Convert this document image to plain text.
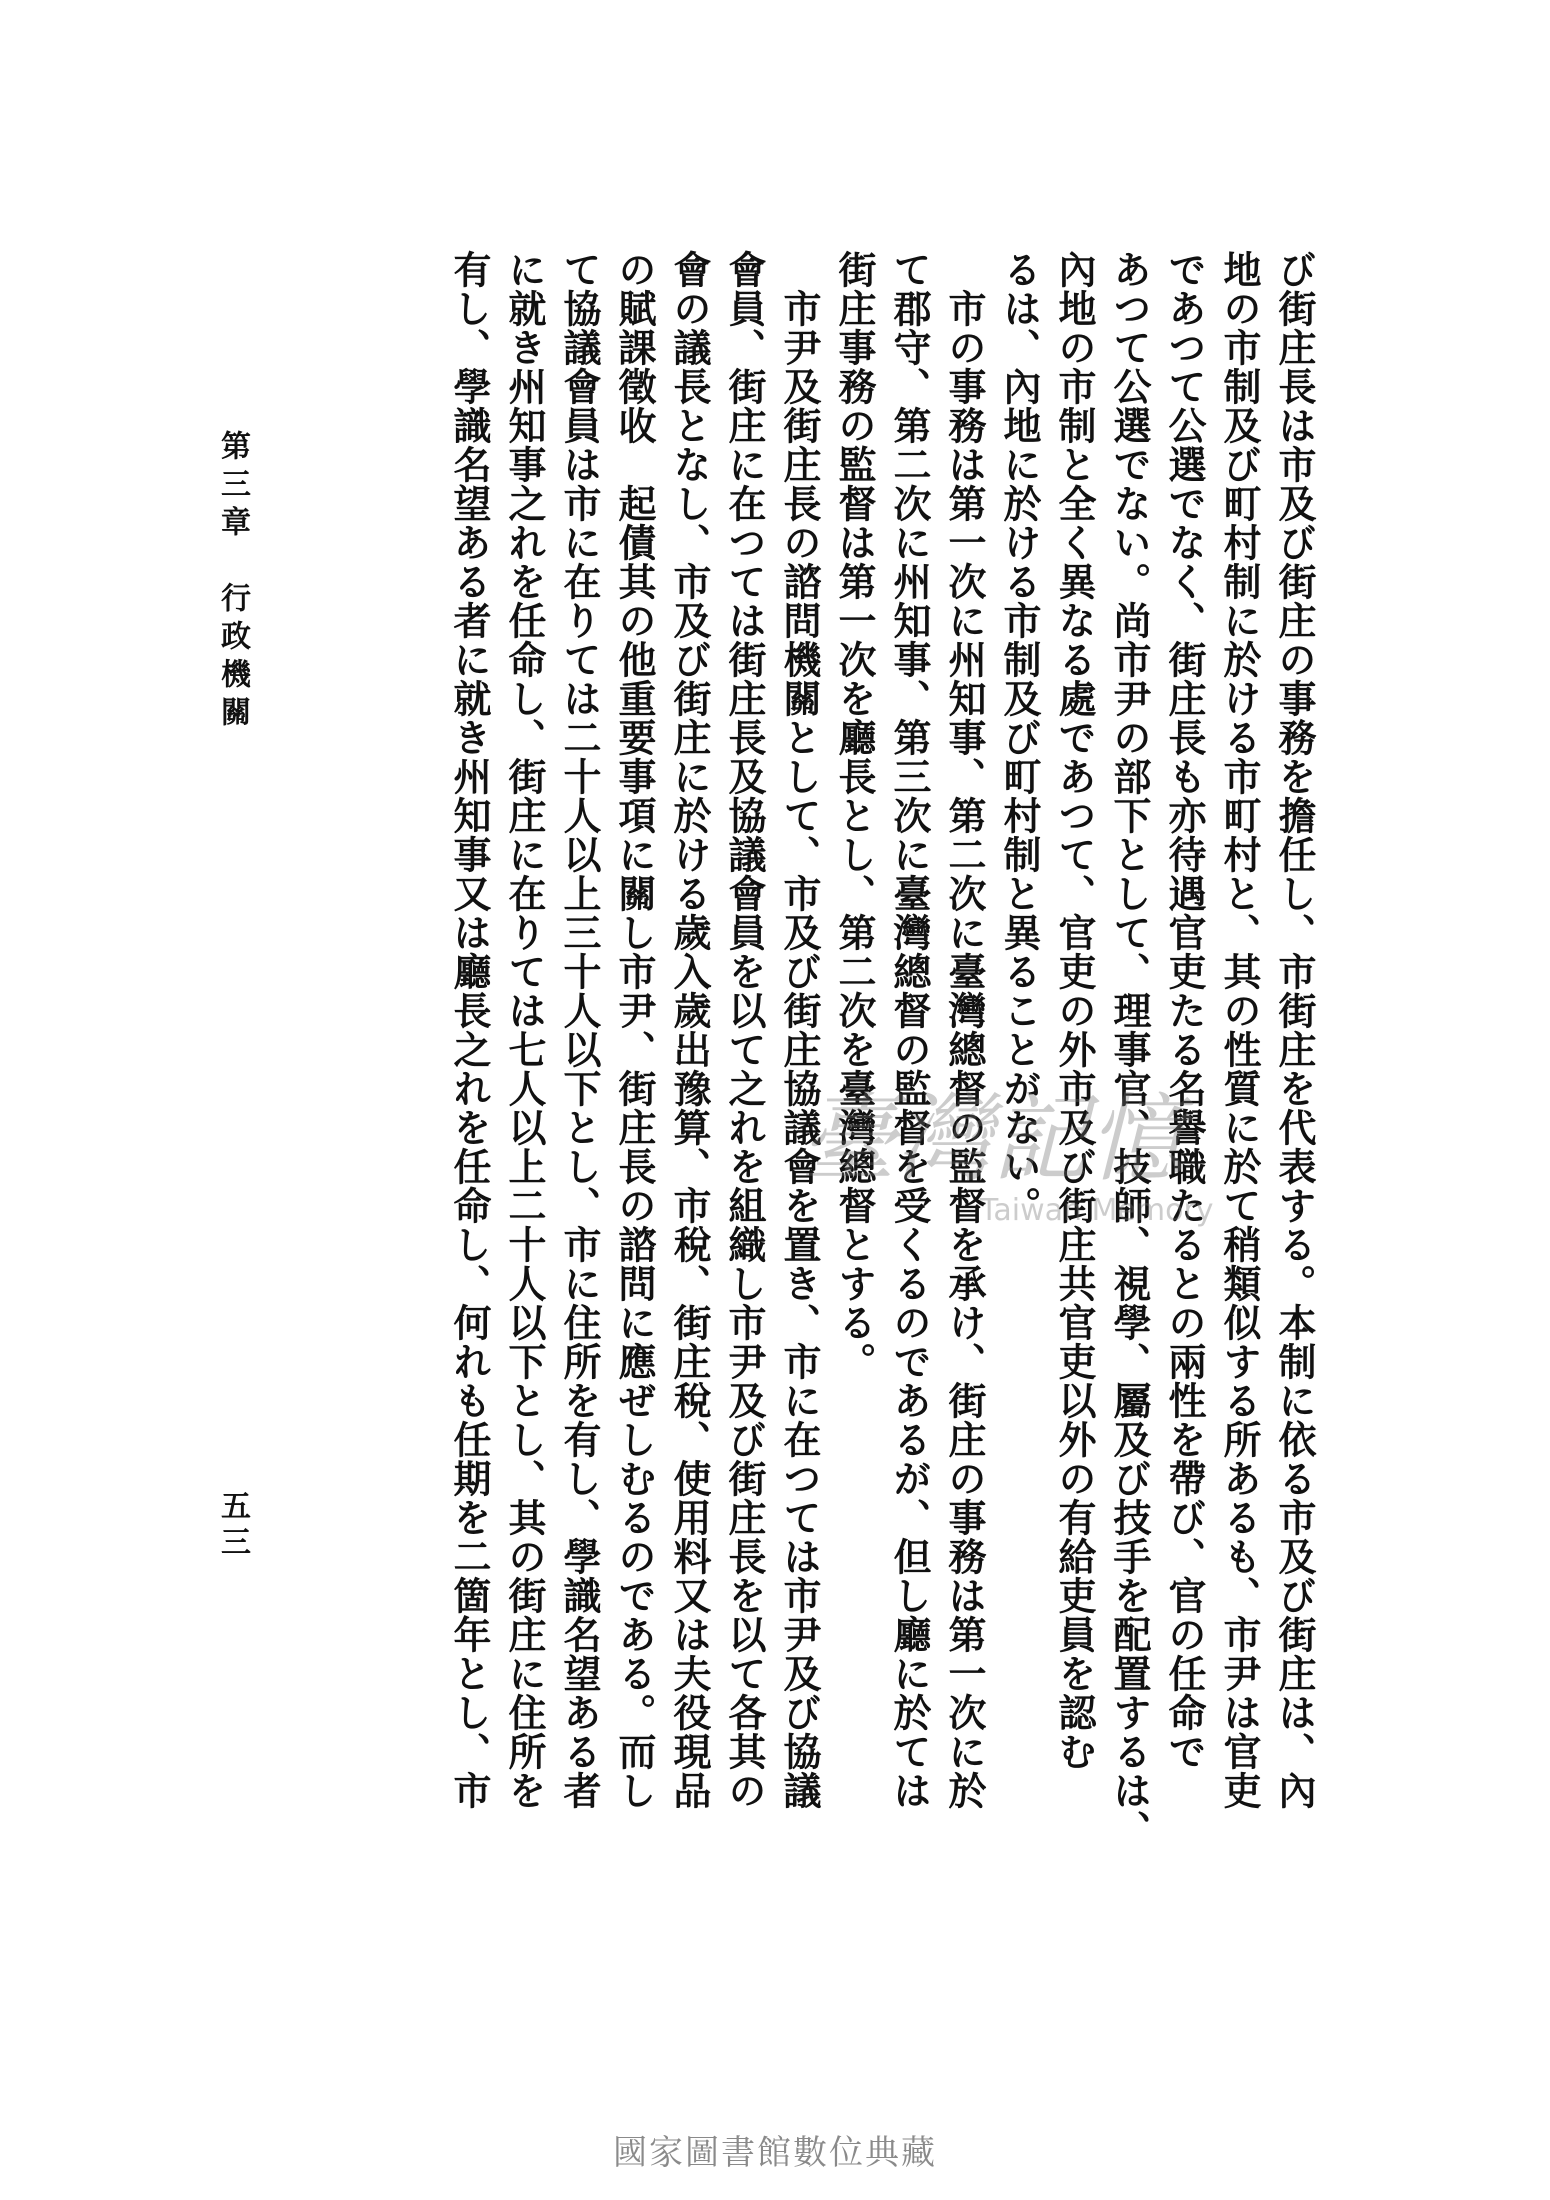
び街庄長は市及び街庄の事務を擔任し、市街庄を代表する。本制に依る市及び街庄は、內
地の市制及び町村制に於ける市町村と、其の性質に於て稍類似する所あるも、市尹は官吏
であつて公選でなく、街庄長も亦待遇官吏たる名譽職たるとの兩性を帶び、官の任命で
あつて公選でない。尚市尹の部下として、理事官、技師、視學、屬及び技手を配置するは、
內地の市制と全く異なる處であつて、官吏の外市及び街庄共官吏以外の有給吏員を認む
るは、內地に於ける市制及び町村制と異ることがない。
　市の事務は第一次に州知事、第二次に臺灣總督の監督を承け、街庄の事務は第一次に於
て郡守、第二次に州知事、第三次に臺灣總督の監督を受くるのであるが、但し廳に於ては
街庄事務の監督は第一次を廳長とし、第二次を臺灣總督とする。
　市尹及街庄長の諮問機關として、市及び街庄協議會を置き、市に在つては市尹及び協議
會員、街庄に在つては街庄長及協議會員を以て之れを組織し市尹及び街庄長を以て各其の
會の議長となし、市及び街庄に於ける歲入歲出豫算、市稅、街庄稅、使用料又は夫役現品
の賦課徵收　起債其の他重要事項に關し市尹、街庄長の諮問に應ぜしむるのである。而し
て協議會員は市に在りては二十人以上三十人以下とし、市に住所を有し、學識名望ある者
に就き州知事之れを任命し、街庄に在りては七人以上二十人以下とし、其の街庄に住所を
有し、學識名望ある者に就き州知事又は廳長之れを任命し、何れも任期を二箇年とし、市
第三章　行政機關
五三
臺灣記憶
Taiwan Memory
國家圖書館數位典藏
